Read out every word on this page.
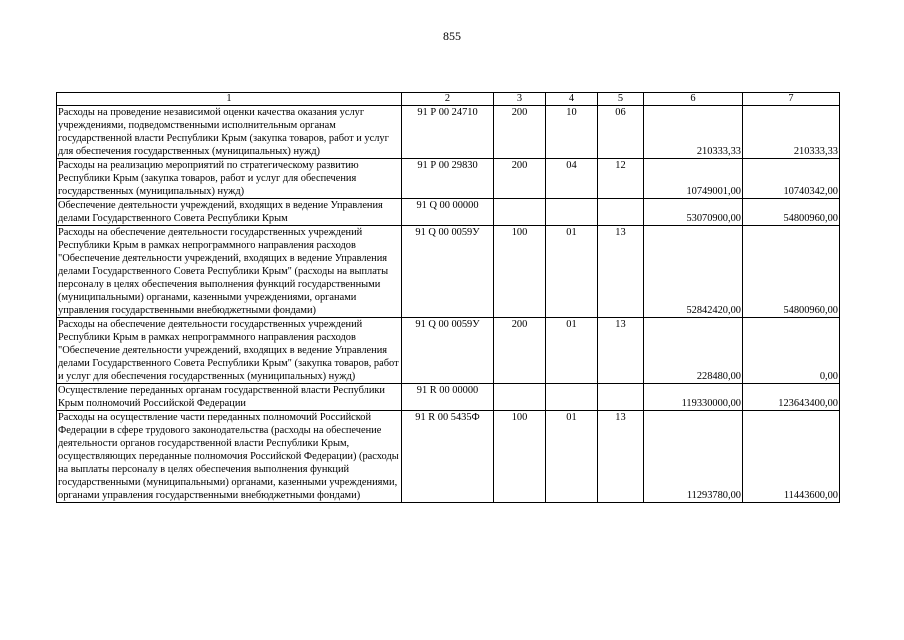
855
1	2	3	4	5	6	7
Расходы на проведение независимой оценки качества оказания услуг учреждениями, подведомственными исполнительным органам государственной власти Республики Крым (закупка товаров, работ и услуг для обеспечения государственных (муниципальных) нужд)	91 Р 00 24710	200	10	06	210333,33	210333,33
Расходы на реализацию мероприятий по стратегическому развитию Республики Крым (закупка товаров, работ и услуг для обеспечения государственных (муниципальных) нужд)	91 Р 00 29830	200	04	12	10749001,00	10740342,00
Обеспечение деятельности учреждений, входящих в ведение Управления делами Государственного Совета Республики Крым	91 Q 00 00000				53070900,00	54800960,00
Расходы на обеспечение деятельности государственных учреждений Республики Крым в рамках непрограммного направления расходов "Обеспечение деятельности учреждений, входящих в ведение Управления делами Государственного Совета Республики Крым" (расходы на выплаты персоналу в целях обеспечения выполнения функций государственными (муниципальными) органами, казенными учреждениями, органами управления государственными внебюджетными фондами)	91 Q 00 0059У	100	01	13	52842420,00	54800960,00
Расходы на обеспечение деятельности государственных учреждений Республики Крым в рамках непрограммного направления расходов "Обеспечение деятельности учреждений, входящих в ведение Управления делами Государственного Совета Республики Крым" (закупка товаров, работ и услуг для обеспечения государственных (муниципальных) нужд)	91 Q 00 0059У	200	01	13	228480,00	0,00
Осуществление переданных органам государственной власти Республики Крым полномочий Российской Федерации	91 R 00 00000				119330000,00	123643400,00
Расходы на осуществление части переданных полномочий Российской Федерации в сфере трудового законодательства (расходы на обеспечение деятельности органов государственной власти Республики Крым, осуществляющих переданные полномочия Российской Федерации) (расходы на выплаты персоналу в целях обеспечения выполнения функций государственными (муниципальными) органами, казенными учреждениями, органами управления государственными внебюджетными фондами)	91 R 00 5435Ф	100	01	13	11293780,00	11443600,00
